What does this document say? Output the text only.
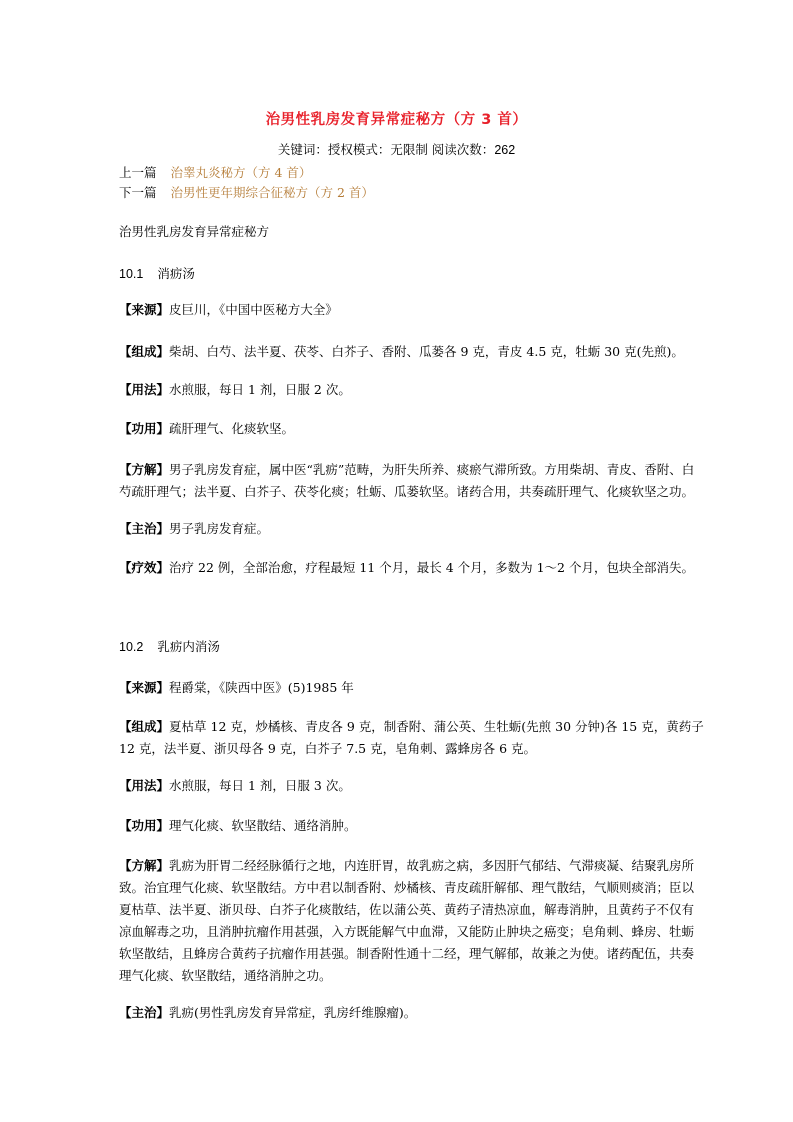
治男性乳房发育异常症秘方（方 3 首）
关键词：授权模式：无限制 阅读次数：262
上一篇 治睾丸炎秘方（方 4 首）
下一篇 治男性更年期综合征秘方（方 2 首）
治男性乳房发育异常症秘方
10.1 消疬汤
【来源】皮巨川，《中国中医秘方大全》
【组成】柴胡、白芍、法半夏、茯苓、白芥子、香附、瓜蒌各 9 克，青皮 4.5 克，牡蛎 30 克(先煎)。
【用法】水煎服，每日 1 剂，日服 2 次。
【功用】疏肝理气、化痰软坚。
【方解】男子乳房发育症，属中医“乳疬”范畴，为肝失所养、痰瘀气滞所致。方用柴胡、青皮、香附、白
芍疏肝理气；法半夏、白芥子、茯苓化痰；牡蛎、瓜蒌软坚。诸药合用，共奏疏肝理气、化痰软坚之功。
【主治】男子乳房发育症。
【疗效】治疗 22 例，全部治愈，疗程最短 11 个月，最长 4 个月，多数为 1～2 个月，包块全部消失。
10.2 乳疬内消汤
【来源】程爵棠，《陕西中医》(5)1985 年
【组成】夏枯草 12 克，炒橘核、青皮各 9 克，制香附、蒲公英、生牡蛎(先煎 30 分钟)各 15 克，黄药子
12 克，法半夏、浙贝母各 9 克，白芥子 7.5 克，皂角刺、露蜂房各 6 克。
【用法】水煎服，每日 1 剂，日服 3 次。
【功用】理气化痰、软坚散结、通络消肿。
【方解】乳疬为肝胃二经经脉循行之地，内连肝胃，故乳疬之病，多因肝气郁结、气滞痰凝、结聚乳房所
致。治宜理气化痰、软坚散结。方中君以制香附、炒橘核、青皮疏肝解郁、理气散结，气顺则痰消；臣以
夏枯草、法半夏、浙贝母、白芥子化痰散结，佐以蒲公英、黄药子清热凉血，解毒消肿，且黄药子不仅有
凉血解毒之功，且消肿抗瘤作用甚强，入方既能解气中血滞，又能防止肿块之癌变；皂角刺、蜂房、牡蛎
软坚散结，且蜂房合黄药子抗瘤作用甚强。制香附性通十二经，理气解郁，故兼之为使。诸药配伍，共奏
理气化痰、软坚散结，通络消肿之功。
【主治】乳疬(男性乳房发育异常症，乳房纤维腺瘤)。
